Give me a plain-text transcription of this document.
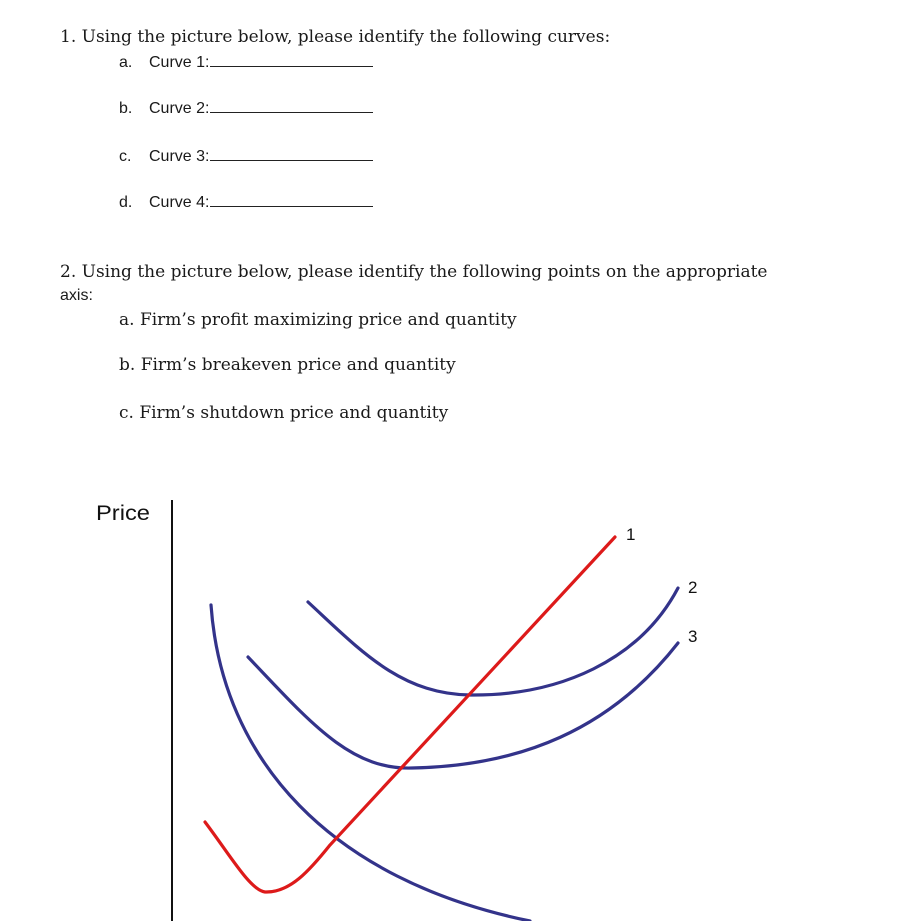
1. Using the picture below, please identify the following curves:
a. Curve 1:
b. Curve 2:
c. Curve 3:
d. Curve 4:
2. Using the picture below, please identify the following points on the appropriate
axis:
a. Firm’s profit maximizing price and quantity
b. Firm’s breakeven price and quantity
c. Firm’s shutdown price and quantity
Price
1
2
3
